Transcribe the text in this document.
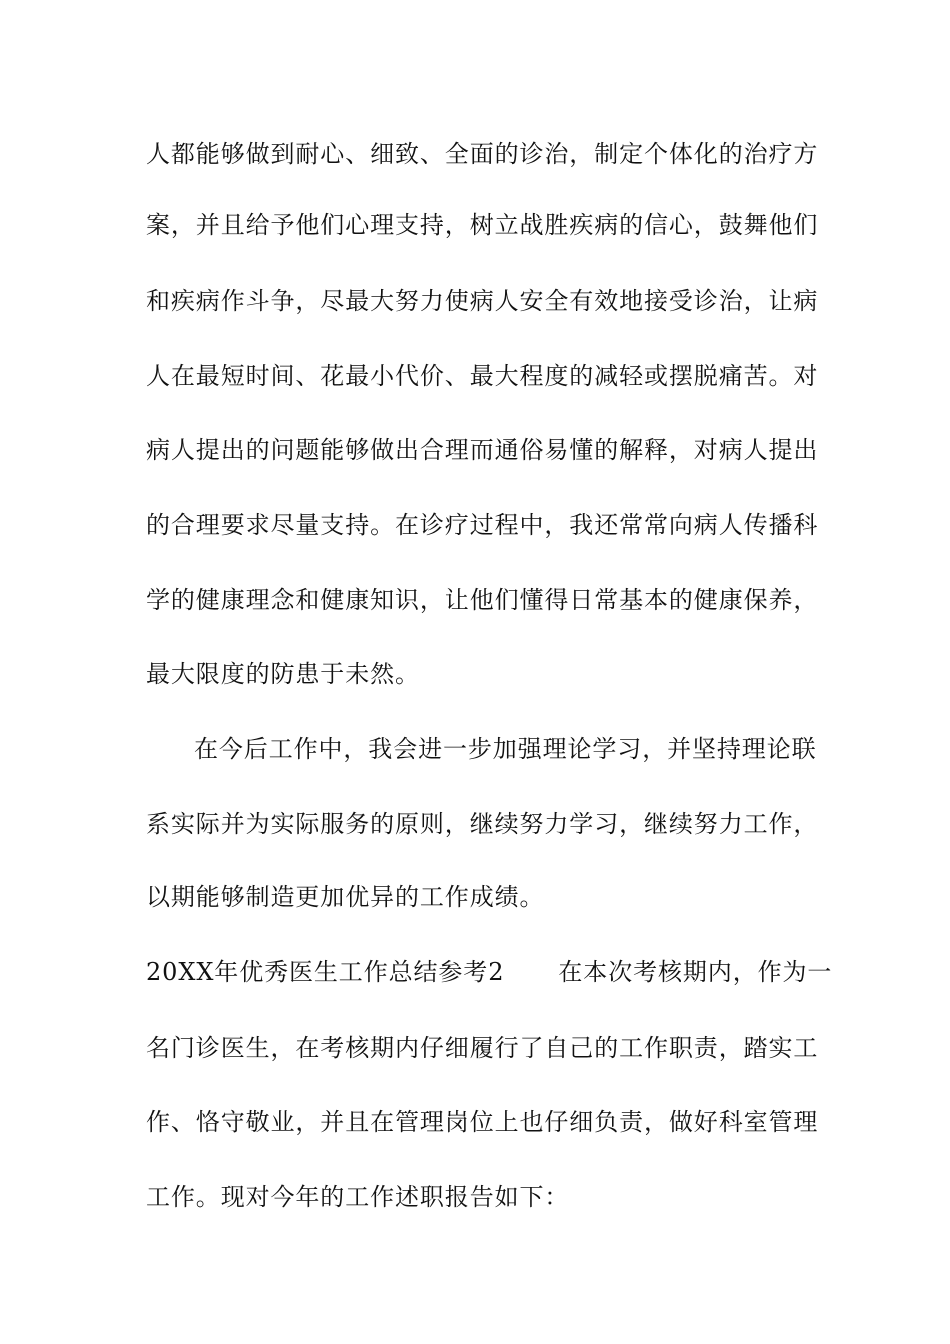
人都能够做到耐心、细致、全面的诊治，制定个体化的治疗方
案，并且给予他们心理支持，树立战胜疾病的信心，鼓舞他们
和疾病作斗争，尽最大努力使病人安全有效地接受诊治，让病
人在最短时间、花最小代价、最大程度的减轻或摆脱痛苦。对
病人提出的问题能够做出合理而通俗易懂的解释，对病人提出
的合理要求尽量支持。在诊疗过程中，我还常常向病人传播科
学的健康理念和健康知识，让他们懂得日常基本的健康保养，
最大限度的防患于未然。
在今后工作中，我会进一步加强理论学习，并坚持理论联
系实际并为实际服务的原则，继续努力学习，继续努力工作，
以期能够制造更加优异的工作成绩。
20XX年优秀医生工作总结参考2 在本次考核期内，作为一
名门诊医生，在考核期内仔细履行了自己的工作职责，踏实工
作、恪守敬业，并且在管理岗位上也仔细负责，做好科室管理
工作。现对今年的工作述职报告如下：
